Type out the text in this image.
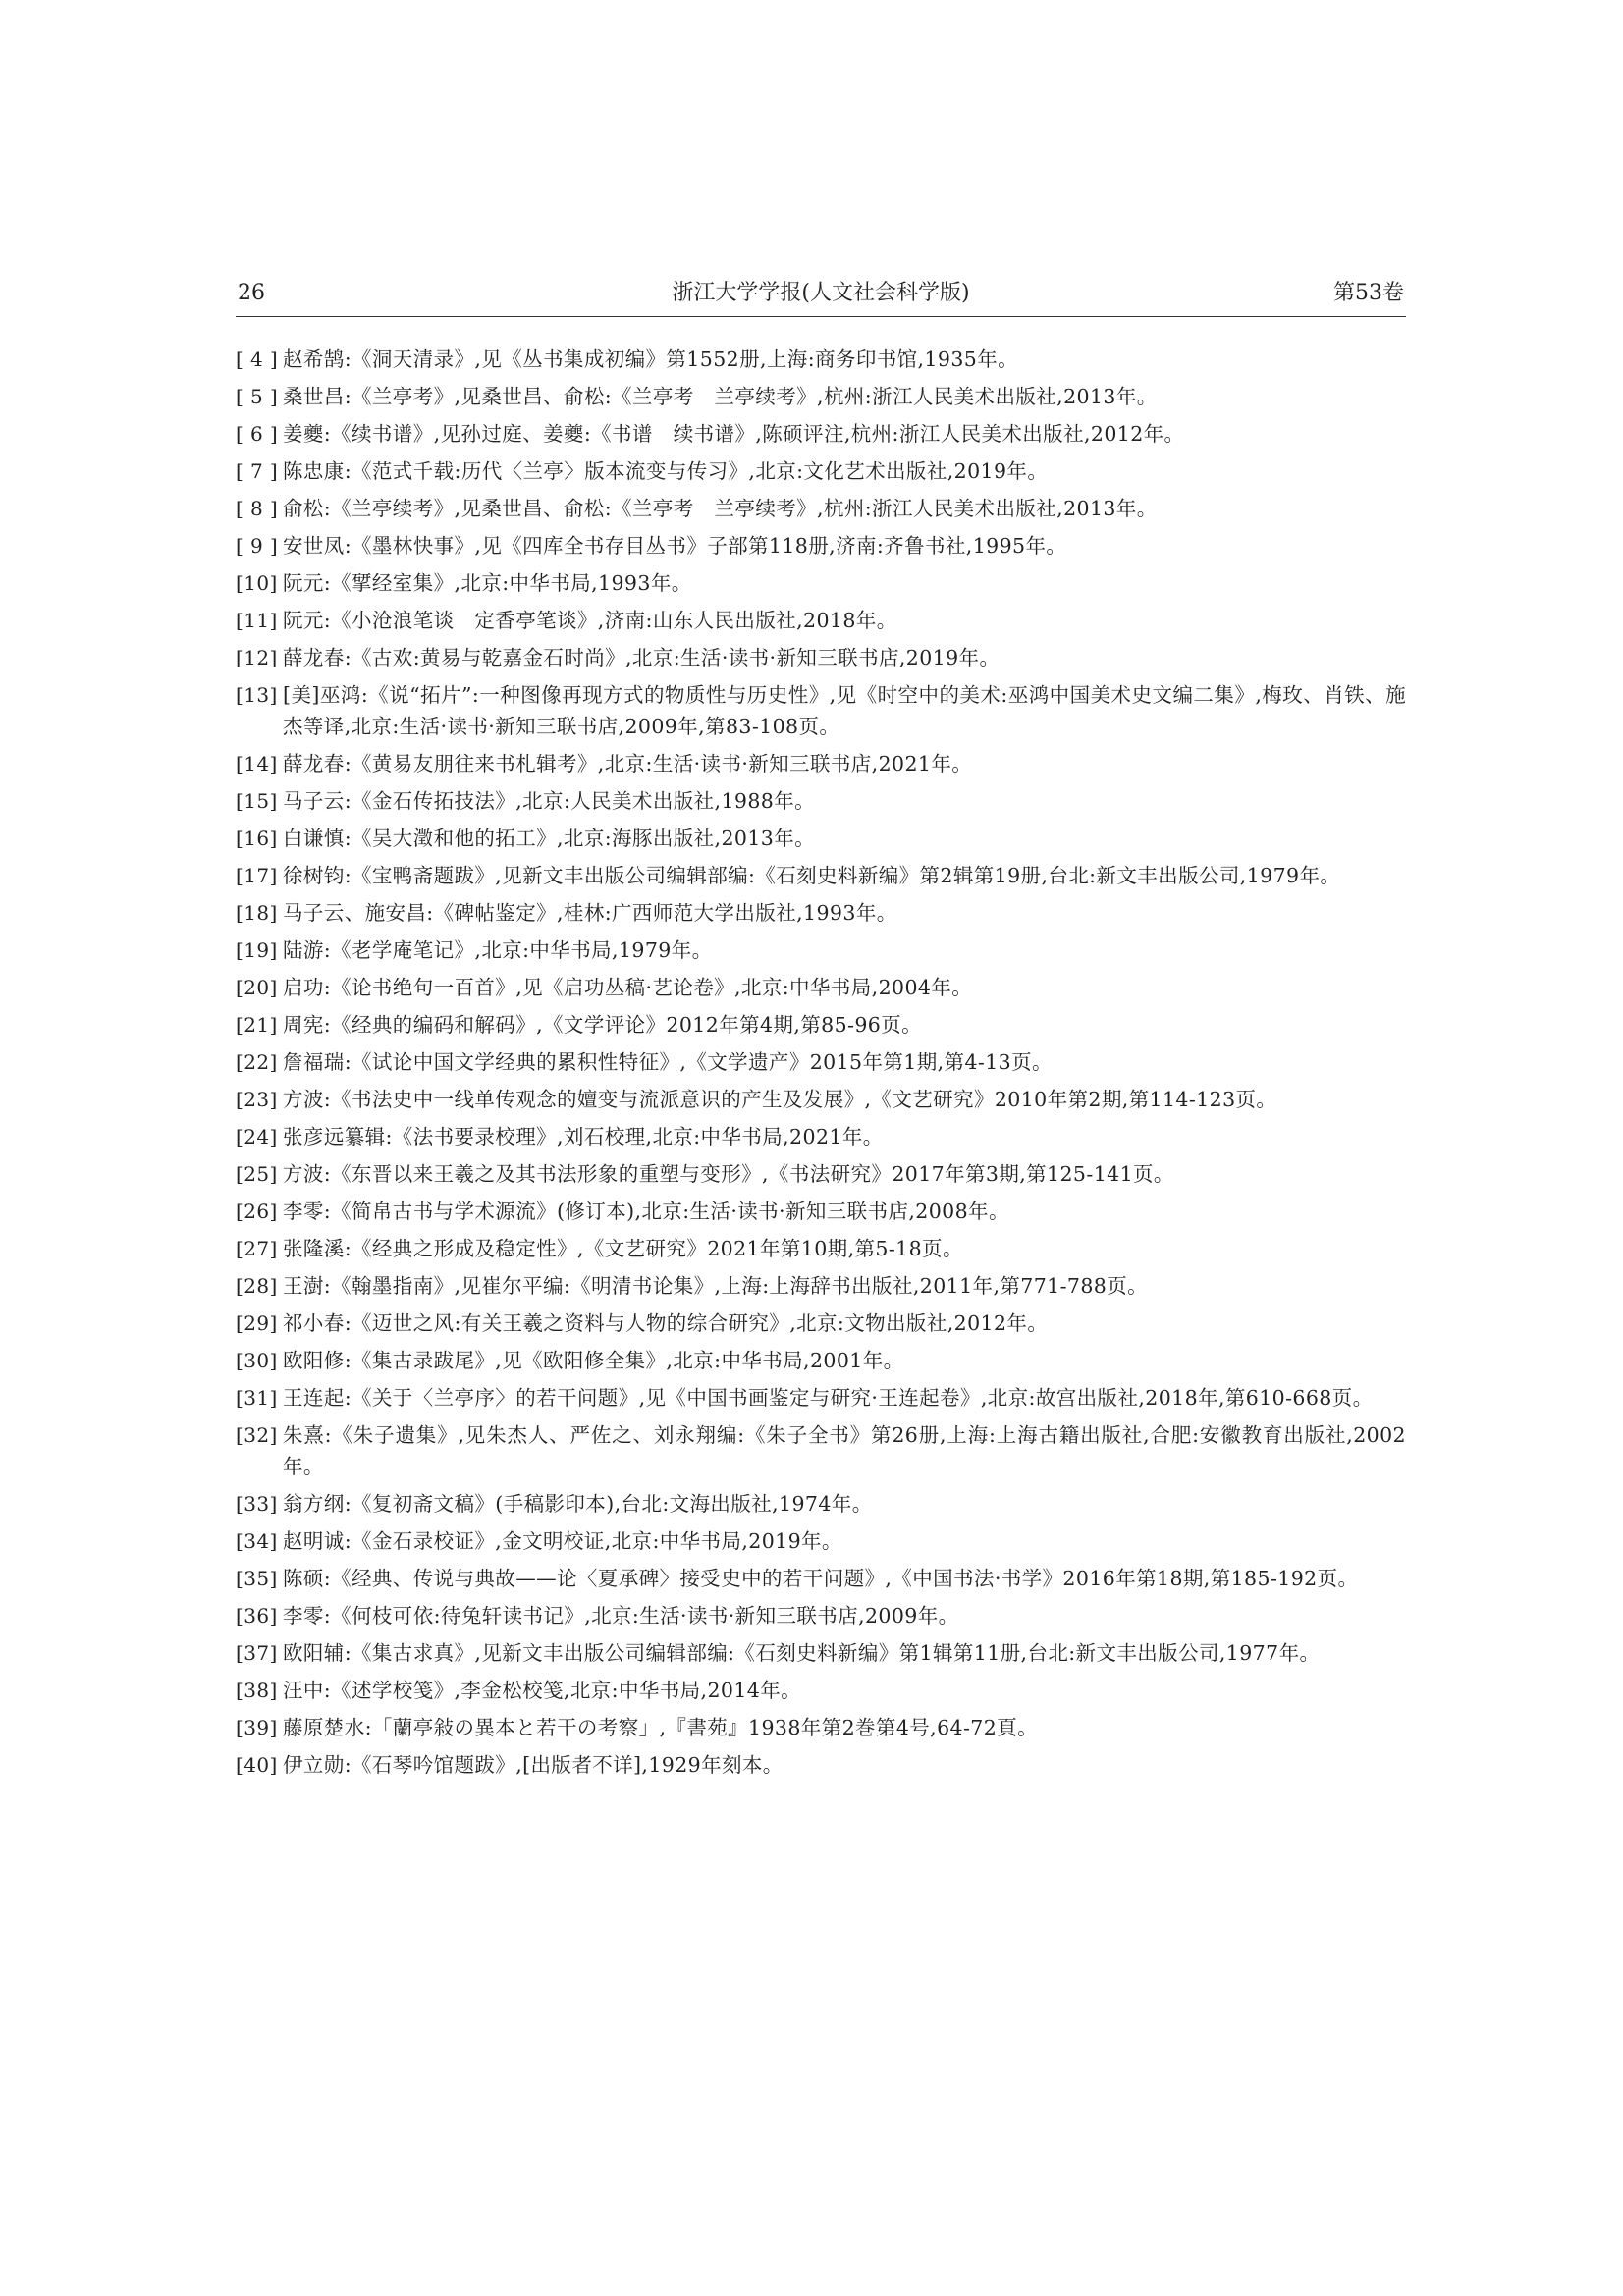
26	浙江大学学报(人文社会科学版)	第53卷
[ 4 ] 赵希鹄:《洞天清录》,见《丛书集成初编》第1552册,上海:商务印书馆,1935年。
[ 5 ] 桑世昌:《兰亭考》,见桑世昌、俞松:《兰亭考　兰亭续考》,杭州:浙江人民美术出版社,2013年。
[ 6 ] 姜夔:《续书谱》,见孙过庭、姜夔:《书谱　续书谱》,陈硕评注,杭州:浙江人民美术出版社,2012年。
[ 7 ] 陈忠康:《范式千载:历代〈兰亭〉版本流变与传习》,北京:文化艺术出版社,2019年。
[ 8 ] 俞松:《兰亭续考》,见桑世昌、俞松:《兰亭考　兰亭续考》,杭州:浙江人民美术出版社,2013年。
[ 9 ] 安世凤:《墨林快事》,见《四库全书存目丛书》子部第118册,济南:齐鲁书社,1995年。
[10] 阮元:《揅经室集》,北京:中华书局,1993年。
[11] 阮元:《小沧浪笔谈　定香亭笔谈》,济南:山东人民出版社,2018年。
[12] 薛龙春:《古欢:黄易与乾嘉金石时尚》,北京:生活·读书·新知三联书店,2019年。
[13] [美]巫鸿:《说“拓片”:一种图像再现方式的物质性与历史性》,见《时空中的美术:巫鸿中国美术史文编二集》,梅玫、肖铁、施杰等译,北京:生活·读书·新知三联书店,2009年,第83-108页。
[14] 薛龙春:《黄易友朋往来书札辑考》,北京:生活·读书·新知三联书店,2021年。
[15] 马子云:《金石传拓技法》,北京:人民美术出版社,1988年。
[16] 白谦慎:《吴大澂和他的拓工》,北京:海豚出版社,2013年。
[17] 徐树钧:《宝鸭斋题跋》,见新文丰出版公司编辑部编:《石刻史料新编》第2辑第19册,台北:新文丰出版公司,1979年。
[18] 马子云、施安昌:《碑帖鉴定》,桂林:广西师范大学出版社,1993年。
[19] 陆游:《老学庵笔记》,北京:中华书局,1979年。
[20] 启功:《论书绝句一百首》,见《启功丛稿·艺论卷》,北京:中华书局,2004年。
[21] 周宪:《经典的编码和解码》,《文学评论》2012年第4期,第85-96页。
[22] 詹福瑞:《试论中国文学经典的累积性特征》,《文学遗产》2015年第1期,第4-13页。
[23] 方波:《书法史中一线单传观念的嬗变与流派意识的产生及发展》,《文艺研究》2010年第2期,第114-123页。
[24] 张彦远纂辑:《法书要录校理》,刘石校理,北京:中华书局,2021年。
[25] 方波:《东晋以来王羲之及其书法形象的重塑与变形》,《书法研究》2017年第3期,第125-141页。
[26] 李零:《简帛古书与学术源流》(修订本),北京:生活·读书·新知三联书店,2008年。
[27] 张隆溪:《经典之形成及稳定性》,《文艺研究》2021年第10期,第5-18页。
[28] 王澍:《翰墨指南》,见崔尔平编:《明清书论集》,上海:上海辞书出版社,2011年,第771-788页。
[29] 祁小春:《迈世之风:有关王羲之资料与人物的综合研究》,北京:文物出版社,2012年。
[30] 欧阳修:《集古录跋尾》,见《欧阳修全集》,北京:中华书局,2001年。
[31] 王连起:《关于〈兰亭序〉的若干问题》,见《中国书画鉴定与研究·王连起卷》,北京:故宫出版社,2018年,第610-668页。
[32] 朱熹:《朱子遗集》,见朱杰人、严佐之、刘永翔编:《朱子全书》第26册,上海:上海古籍出版社,合肥:安徽教育出版社,2002年。
[33] 翁方纲:《复初斋文稿》(手稿影印本),台北:文海出版社,1974年。
[34] 赵明诚:《金石录校证》,金文明校证,北京:中华书局,2019年。
[35] 陈硕:《经典、传说与典故——论〈夏承碑〉接受史中的若干问题》,《中国书法·书学》2016年第18期,第185-192页。
[36] 李零:《何枝可依:待兔轩读书记》,北京:生活·读书·新知三联书店,2009年。
[37] 欧阳辅:《集古求真》,见新文丰出版公司编辑部编:《石刻史料新编》第1辑第11册,台北:新文丰出版公司,1977年。
[38] 汪中:《述学校笺》,李金松校笺,北京:中华书局,2014年。
[39] 藤原楚水:「蘭亭敍の異本と若干の考察」,『書苑』1938年第2巻第4号,64-72頁。
[40] 伊立勋:《石琴吟馆题跋》,[出版者不详],1929年刻本。
